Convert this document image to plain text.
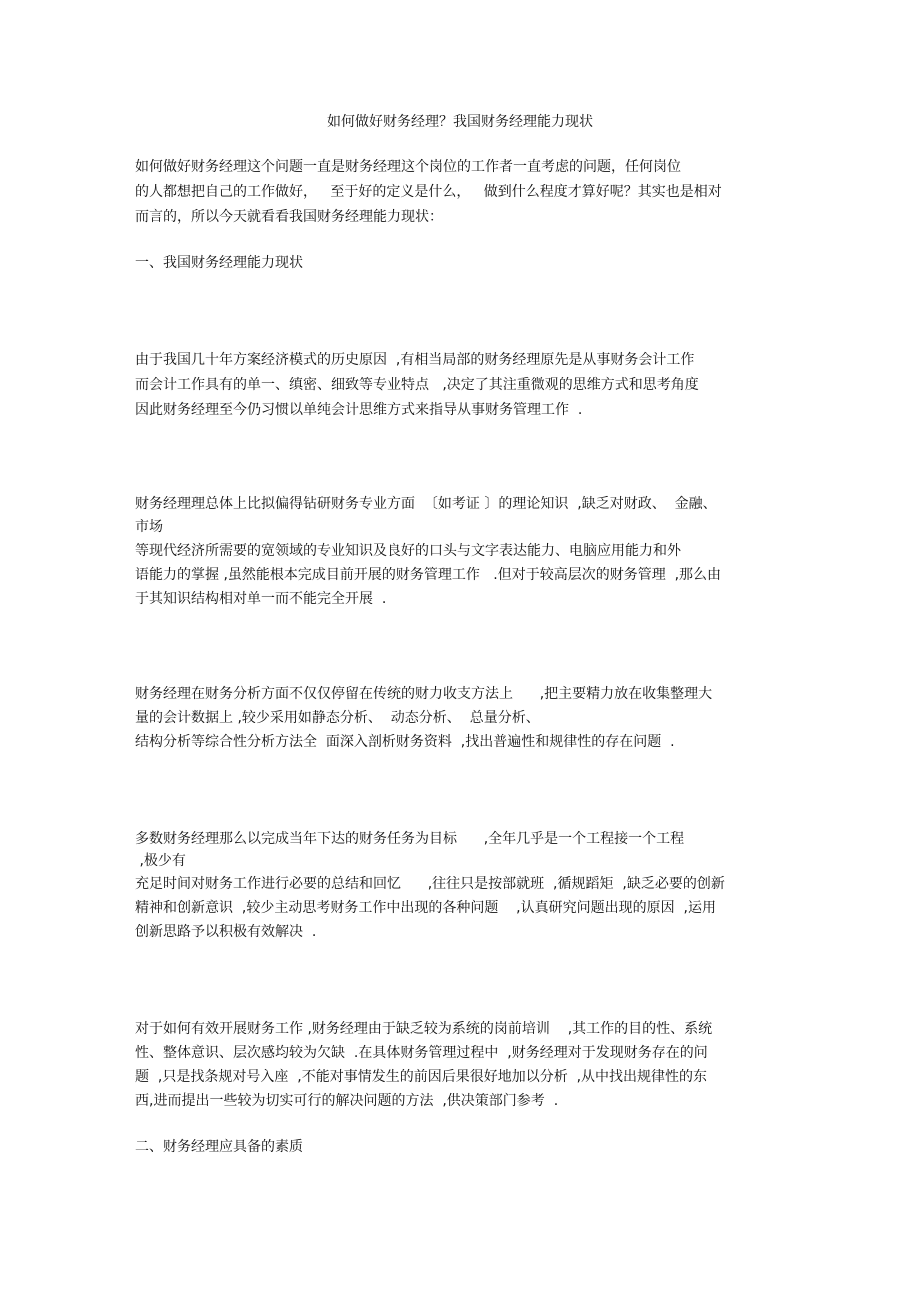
如何做好财务经理？我国财务经理能力现状
如何做好财务经理这个问题一直是财务经理这个岗位的工作者一直考虑的问题，任何岗位
的人都想把自己的工作做好，   至于好的定义是什么，   做到什么程度才算好呢？其实也是相对
而言的，所以今天就看看我国财务经理能力现状：
一、我国财务经理能力现状
由于我国几十年方案经济模式的历史原因  ,有相当局部的财务经理原先是从事财务会计工作
而会计工作具有的单一、缜密、细致等专业特点   ,决定了其注重微观的思维方式和思考角度
因此财务经理至今仍习惯以单纯会计思维方式来指导从事财务管理工作  .
财务经理理总体上比拟偏得钻研财务专业方面  〔如考证 〕的理论知识  ,缺乏对财政、  金融、
市场
等现代经济所需要的宽领域的专业知识及良好的口头与文字表达能力、电脑应用能力和外
语能力的掌握 ,虽然能根本完成目前开展的财务管理工作   .但对于较高层次的财务管理  ,那么由
于其知识结构相对单一而不能完全开展  .
财务经理在财务分析方面不仅仅停留在传统的财力收支方法上      ,把主要精力放在收集整理大
量的会计数据上 ,较少采用如静态分析、  动态分析、  总量分析、
结构分析等综合性分析方法全  面深入剖析财务资料  ,找出普遍性和规律性的存在问题  .
多数财务经理那么以完成当年下达的财务任务为目标      ,全年几乎是一个工程接一个工程
,极少有
充足时间对财务工作进行必要的总结和回忆      ,往往只是按部就班  ,循规蹈矩  ,缺乏必要的创新
精神和创新意识  ,较少主动思考财务工作中出现的各种问题    ,认真研究问题出现的原因  ,运用
创新思路予以积极有效解决  .
对于如何有效开展财务工作 ,财务经理由于缺乏较为系统的岗前培训    ,其工作的目的性、系统
性、整体意识、层次感均较为欠缺  .在具体财务管理过程中  ,财务经理对于发现财务存在的问
题  ,只是找条规对号入座  ,不能对事情发生的前因后果很好地加以分析  ,从中找出规律性的东
西,进而提出一些较为切实可行的解决问题的方法  ,供决策部门参考  .
二、财务经理应具备的素质
